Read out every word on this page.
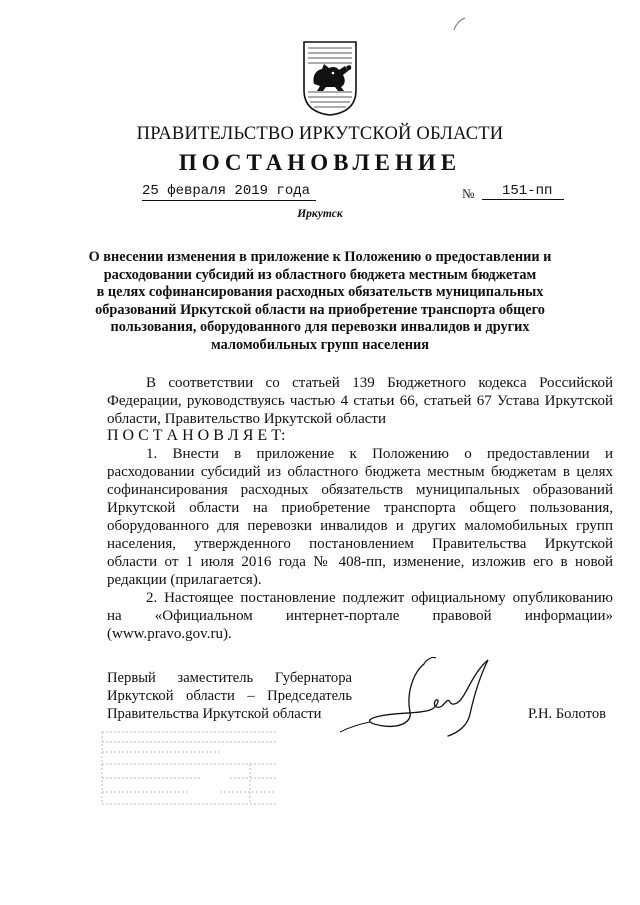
ПРАВИТЕЛЬСТВО ИРКУТСКОЙ ОБЛАСТИ
ПОСТАНОВЛЕНИЕ
25 февраля 2019 года	№	151-пп
Иркутск
О внесении изменения в приложение к Положению о предоставлении и
расходовании субсидий из областного бюджета местным бюджетам
в целях софинансирования расходных обязательств муниципальных
образований Иркутской области на приобретение транспорта общего
пользования, оборудованного для перевозки инвалидов и других
маломобильных групп населения
В соответствии со статьей 139 Бюджетного кодекса Российской
Федерации, руководствуясь частью 4 статьи 66, статьей 67 Устава Иркутской
области, Правительство Иркутской области
П О С Т А Н О В Л Я Е Т:
1. Внести в приложение к Положению о предоставлении и
расходовании субсидий из областного бюджета местным бюджетам в целях
софинансирования расходных обязательств муниципальных образований
Иркутской области на приобретение транспорта общего пользования,
оборудованного для перевозки инвалидов и других маломобильных групп
населения, утвержденного постановлением Правительства Иркутской
области от 1 июля 2016 года № 408-пп, изменение, изложив его в новой
редакции (прилагается).
2. Настоящее постановление подлежит официальному опубликованию
на «Официальном интернет-портале правовой информации»
(www.pravo.gov.ru).
Первый заместитель Губернатора
Иркутской области – Председатель
Правительства Иркутской области	Р.Н. Болотов
